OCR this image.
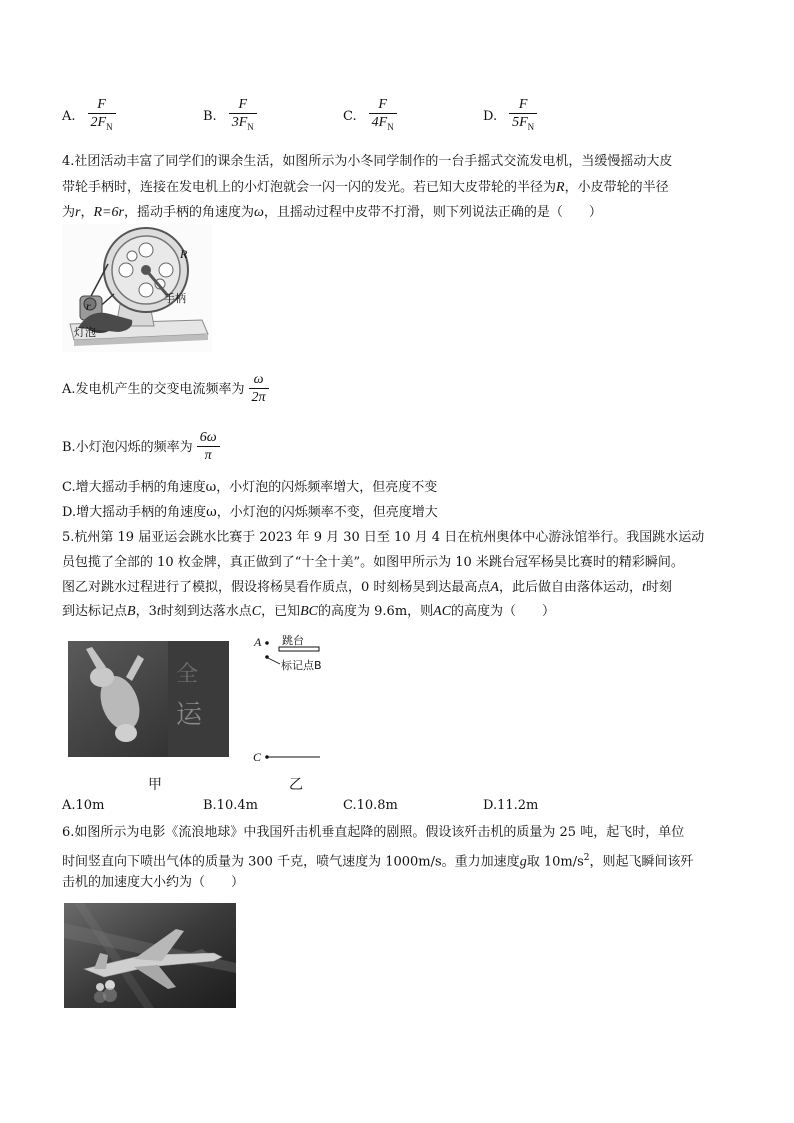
A. $\frac{F}{2F_N}$	B. $\frac{F}{3F_N}$	C. $\frac{F}{4F_N}$	D. $\frac{F}{5F_N}$
4.社团活动丰富了同学们的课余生活，如图所示为小冬同学制作的一台手摇式交流发电机，当缓慢摇动大皮
带轮手柄时，连接在发电机上的小灯泡就会一闪一闪的发光。若已知大皮带轮的半径为R，小皮带轮的半径
为r，R=6r，摇动手柄的角速度为ω，且摇动过程中皮带不打滑，则下列说法正确的是（　　）
R
r
手柄
灯泡
A.发电机产生的交变电流频率为 $\frac{\omega}{2\pi}$
B.小灯泡闪烁的频率为 $\frac{6\omega}{\pi}$
C.增大摇动手柄的角速度ω，小灯泡的闪烁频率增大，但亮度不变
D.增大摇动手柄的角速度ω，小灯泡的闪烁频率不变，但亮度增大
5.杭州第 19 届亚运会跳水比赛于 2023 年 9 月 30 日至 10 月 4 日在杭州奥体中心游泳馆举行。我国跳水运动
员包揽了全部的 10 枚金牌，真正做到了“十全十美”。如图甲所示为 10 米跳台冠军杨昊比赛时的精彩瞬间。
图乙对跳水过程进行了模拟，假设将杨昊看作质点，0 时刻杨昊到达最高点A，此后做自由落体运动，t时刻
到达标记点B，3t时刻到达落水点C，已知BC的高度为 9.6m，则AC的高度为（　　）
全
运
A 跳台
标记点B
C
甲	乙
A.10m	B.10.4m	C.10.8m	D.11.2m
6.如图所示为电影《流浪地球》中我国歼击机垂直起降的剧照。假设该歼击机的质量为 25 吨，起飞时，单位
时间竖直向下喷出气体的质量为 300 千克，喷气速度为 1000m/s。重力加速度g取 $10m/s^2$，则起飞瞬间该歼
击机的加速度大小约为（　　）
